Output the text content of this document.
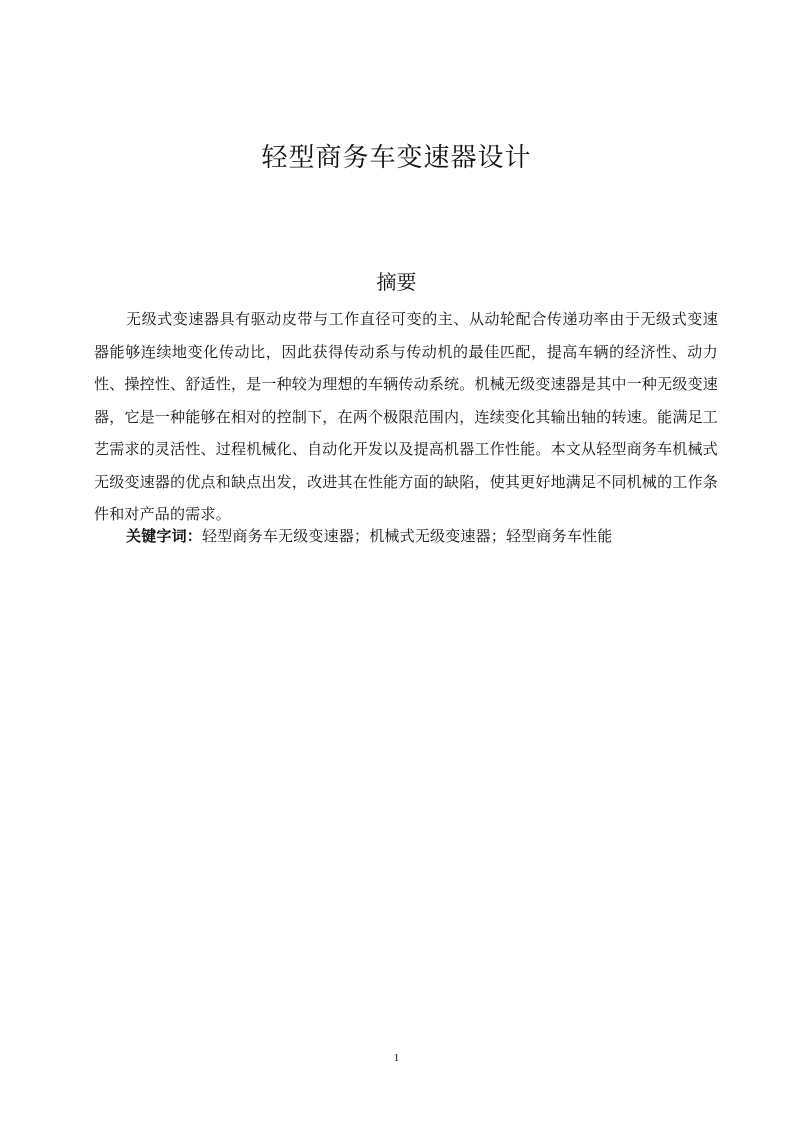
轻型商务车变速器设计
摘要

无级式变速器具有驱动皮带与工作直径可变的主、从动轮配合传递功率由于无级式变速器能够连续地变化传动比，因此获得传动系与传动机的最佳匹配，提高车辆的经济性、动力性、操控性、舒适性，是一种较为理想的车辆传动系统。机械无级变速器是其中一种无级变速器，它是一种能够在相对的控制下，在两个极限范围内，连续变化其输出轴的转速。能满足工艺需求的灵活性、过程机械化、自动化开发以及提高机器工作性能。本文从轻型商务车机械式无级变速器的优点和缺点出发，改进其在性能方面的缺陷，使其更好地满足不同机械的工作条件和对产品的需求。

关键字词：轻型商务车无级变速器；机械式无级变速器；轻型商务车性能

1
